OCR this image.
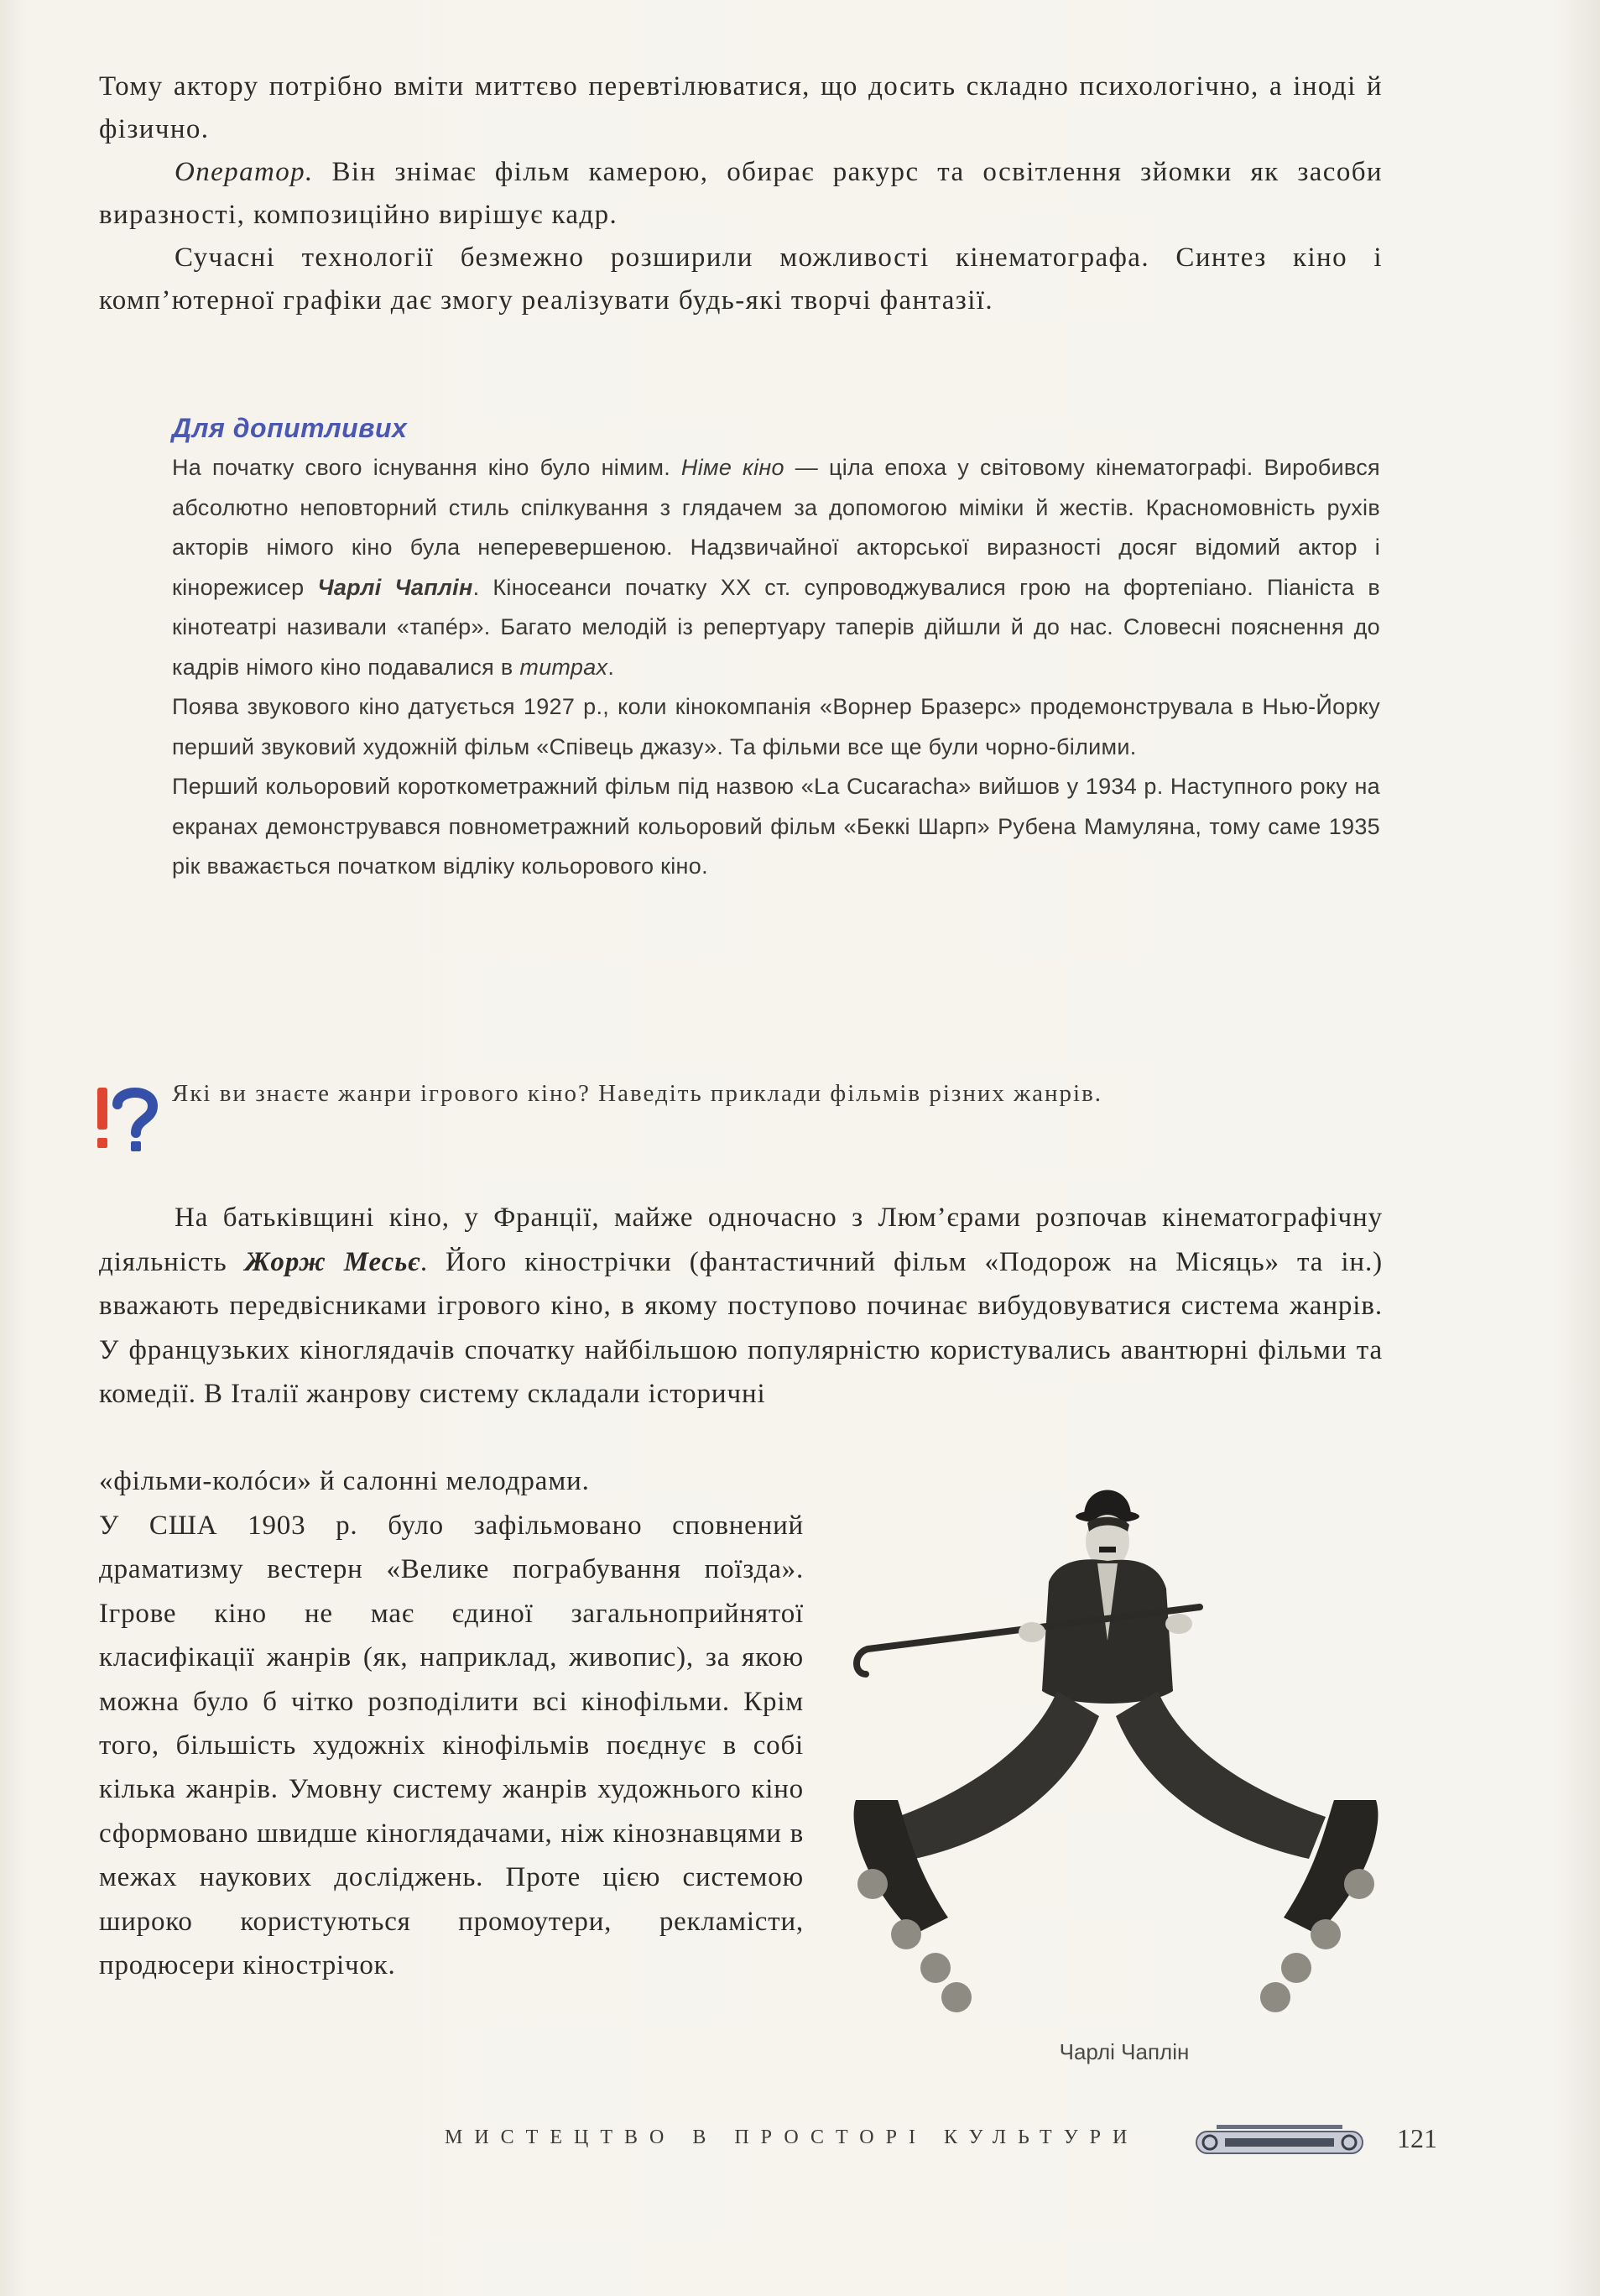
Тому актору потрібно вміти миттєво перевтілюватися, що досить складно психологічно, а іноді й фізично.

Оператор. Він знімає фільм камерою, обирає ракурс та освітлення зйомки як засоби виразності, композиційно вирішує кадр.

Сучасні технології безмежно розширили можливості кінематографа. Синтез кіно і комп’ютерної графіки дає змогу реалізувати будь-які творчі фантазії.

Для допитливих

На початку свого існування кіно було німим. Німе кіно — ціла епоха у світовому кінематографі. Виробився абсолютно неповторний стиль спілкування з глядачем за допомогою міміки й жестів. Красномовність рухів акторів німого кіно була неперевершеною. Надзвичайної акторської виразності досяг відомий актор і кінорежисер Чарлі Чаплін. Кіносеанси початку XX ст. супроводжувалися грою на фортепіано. Піаніста в кінотеатрі називали «тапéр». Багато мелодій із репертуару таперів дійшли й до нас. Словесні пояснення до кадрів німого кіно подавалися в титрах.

Поява звукового кіно датується 1927 р., коли кінокомпанія «Ворнер Бразерс» продемонструвала в Нью-Йорку перший звуковий художній фільм «Співець джазу». Та фільми все ще були чорно-білими.

Перший кольоровий короткометражний фільм під назвою «La Cucaracha» вийшов у 1934 р. Наступного року на екранах демонструвався повнометражний кольоровий фільм «Беккі Шарп» Рубена Мамуляна, тому саме 1935 рік вважається початком відліку кольорового кіно.

Які ви знаєте жанри ігрового кіно? Наведіть приклади фільмів різних жанрів.

На батьківщині кіно, у Франції, майже одночасно з Люм’єрами розпочав кінематографічну діяльність Жорж Месьє. Його кінострічки (фантастичний фільм «Подорож на Місяць» та ін.) вважають передвісниками ігрового кіно, в якому поступово починає вибудовуватися система жанрів. У французьких кіноглядачів спочатку найбільшою популярністю користувались авантюрні фільми та комедії. В Італії жанрову систему складали історичні

«фільми-колóси» й салонні мелодрами.

У США 1903 р. було зафільмовано сповнений драматизму вестерн «Велике пограбування поїзда». Ігрове кіно не має єдиної загальноприйнятої класифікації жанрів (як, наприклад, живопис), за якою можна було б чітко розподілити всі кінофільми. Крім того, більшість художніх кінофільмів поєднує в собі кілька жанрів. Умовну систему жанрів художнього кіно сформовано швидше кіноглядачами, ніж кінознавцями в межах наукових досліджень. Проте цією системою широко користуються промоутери, рекламісти, продюсери кінострічок.

Чарлі Чаплін
МИСТЕЦТВО В ПРОСТОРІ КУЛЬТУРИ	121
